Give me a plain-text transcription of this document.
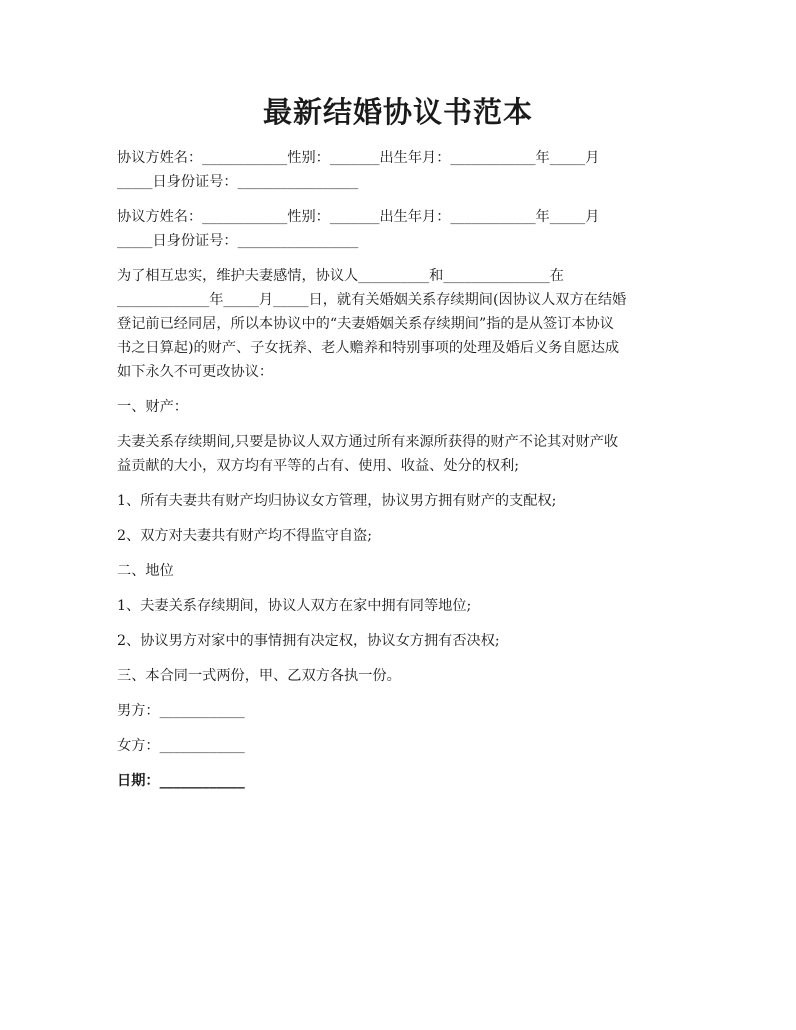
最新结婚协议书范本
协议方姓名：____________性别：_______出生年月：____________年_____月
_____日身份证号：_________________
协议方姓名：____________性别：_______出生年月：____________年_____月
_____日身份证号：_________________
为了相互忠实，维护夫妻感情，协议人__________和_______________在
_____________年_____月_____日，就有关婚姻关系存续期间(因协议人双方在结婚
登记前已经同居，所以本协议中的“夫妻婚姻关系存续期间”指的是从签订本协议
书之日算起)的财产、子女抚养、老人赡养和特别事项的处理及婚后义务自愿达成
如下永久不可更改协议：
一、财产：
夫妻关系存续期间,只要是协议人双方通过所有来源所获得的财产不论其对财产收
益贡献的大小，双方均有平等的占有、使用、收益、处分的权利;
1、所有夫妻共有财产均归协议女方管理，协议男方拥有财产的支配权;
2、双方对夫妻共有财产均不得监守自盗;
二、地位
1、夫妻关系存续期间，协议人双方在家中拥有同等地位;
2、协议男方对家中的事情拥有决定权，协议女方拥有否决权;
三、本合同一式两份，甲、乙双方各执一份。
男方：____________
女方：____________
日期：____________
